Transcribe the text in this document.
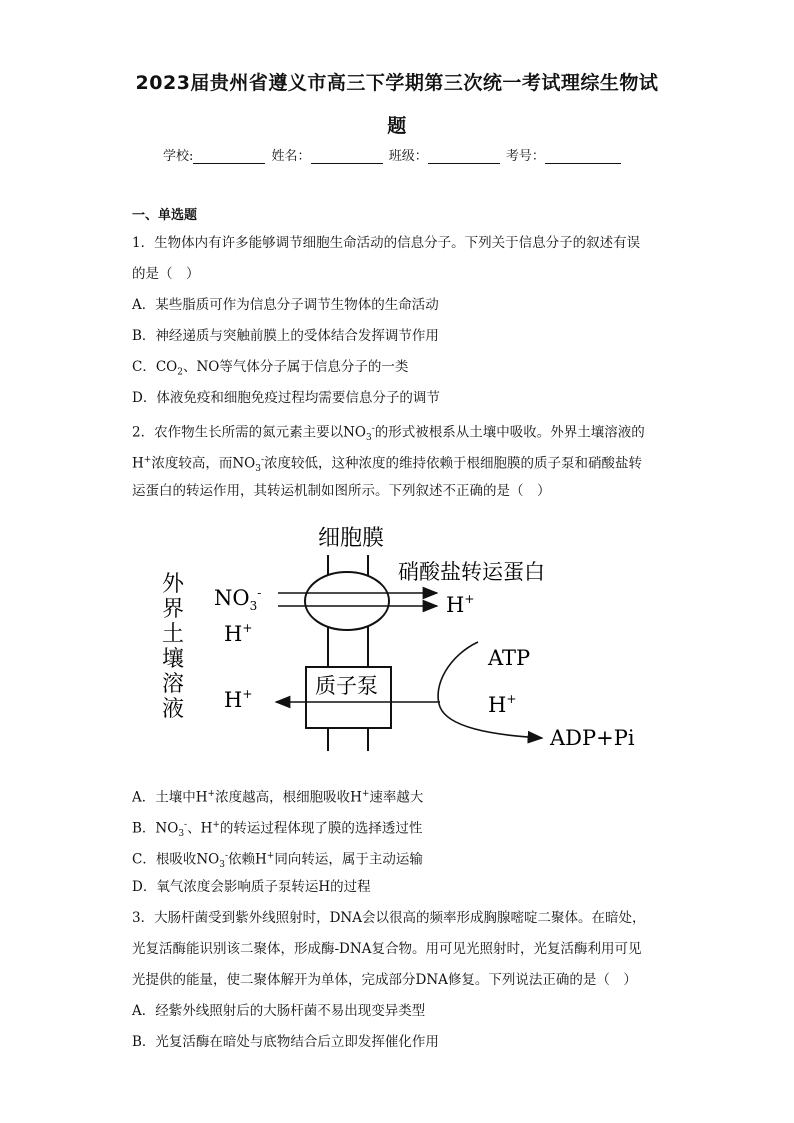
2023届贵州省遵义市高三下学期第三次统一考试理综生物试
题
学校:	姓名：	班级：	考号：
一、单选题
1．生物体内有许多能够调节细胞生命活动的信息分子。下列关于信息分子的叙述有误
的是（　）
A．某些脂质可作为信息分子调节生物体的生命活动
B．神经递质与突触前膜上的受体结合发挥调节作用
C．$CO_2$、NO等气体分子属于信息分子的一类
D．体液免疫和细胞免疫过程均需要信息分子的调节
2．农作物生长所需的氮元素主要以$NO_3^-$的形式被根系从土壤中吸收。外界土壤溶液的
H+浓度较高，而$NO_3^-$浓度较低，这种浓度的维持依赖于根细胞膜的质子泵和硝酸盐转
运蛋白的转运作用，其转运机制如图所示。下列叙述不正确的是（　）
细胞膜
硝酸盐转运蛋白
外
界
土
壤
溶
液
$NO_3^-$
H+
H+
质子泵
H+	H+
ATP
ADP+Pi
A．土壤中H+浓度越高，根细胞吸收H+速率越大
B．$NO_3^-$、H+的转运过程体现了膜的选择透过性
C．根吸收$NO_3^-$依赖H+同向转运，属于主动运输
D．氧气浓度会影响质子泵转运H的过程
3．大肠杆菌受到紫外线照射时，DNA会以很高的频率形成胸腺嘧啶二聚体。在暗处，
光复活酶能识别该二聚体，形成酶-DNA复合物。用可见光照射时，光复活酶利用可见
光提供的能量，使二聚体解开为单体，完成部分DNA修复。下列说法正确的是（　）
A．经紫外线照射后的大肠杆菌不易出现变异类型
B．光复活酶在暗处与底物结合后立即发挥催化作用
